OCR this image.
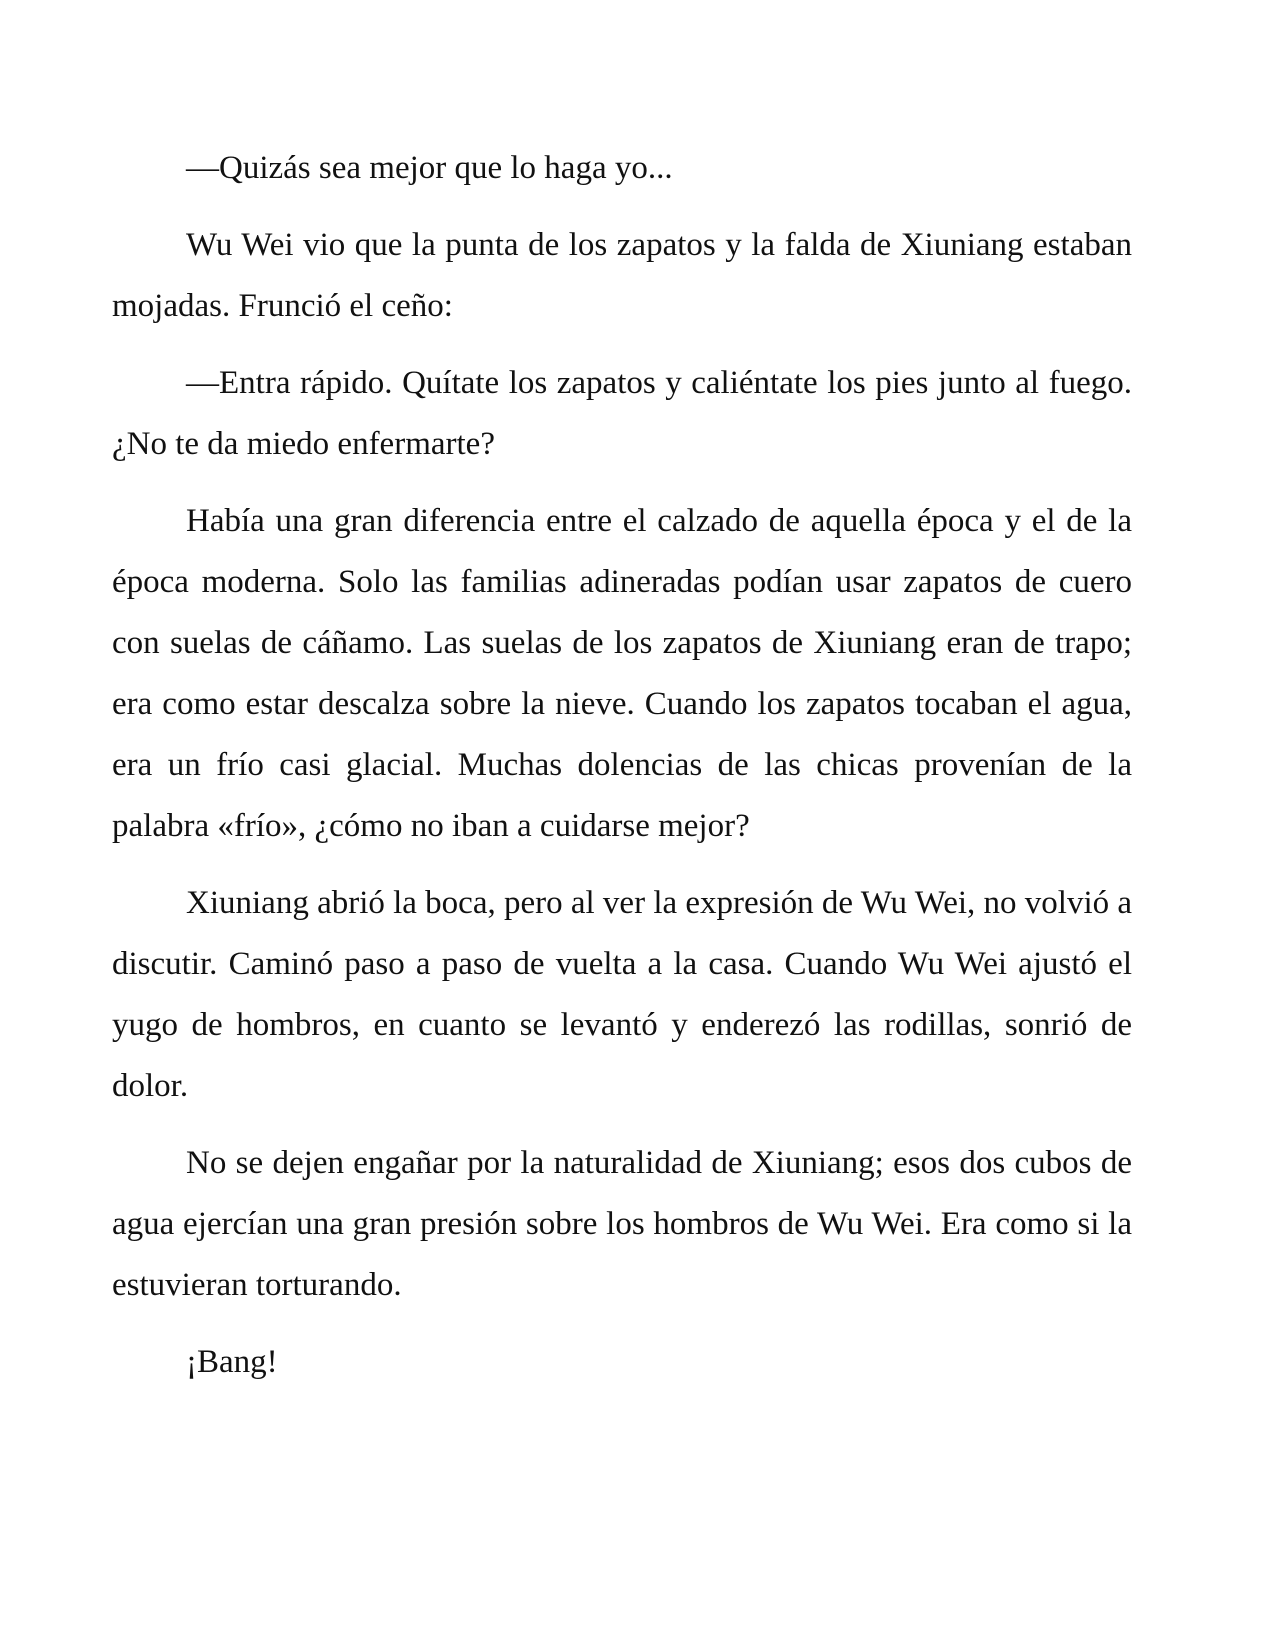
—Quizás sea mejor que lo haga yo...

Wu Wei vio que la punta de los zapatos y la falda de Xiuniang estaban mojadas. Frunció el ceño:

—Entra rápido. Quítate los zapatos y caliéntate los pies junto al fuego. ¿No te da miedo enfermarte?

Había una gran diferencia entre el calzado de aquella época y el de la época moderna. Solo las familias adineradas podían usar zapatos de cuero con suelas de cáñamo. Las suelas de los zapatos de Xiuniang eran de trapo; era como estar descalza sobre la nieve. Cuando los zapatos tocaban el agua, era un frío casi glacial. Muchas dolencias de las chicas provenían de la palabra «frío», ¿cómo no iban a cuidarse mejor?

Xiuniang abrió la boca, pero al ver la expresión de Wu Wei, no volvió a discutir. Caminó paso a paso de vuelta a la casa. Cuando Wu Wei ajustó el yugo de hombros, en cuanto se levantó y enderezó las rodillas, sonrió de dolor.

No se dejen engañar por la naturalidad de Xiuniang; esos dos cubos de agua ejercían una gran presión sobre los hombros de Wu Wei. Era como si la estuvieran torturando.

¡Bang!
